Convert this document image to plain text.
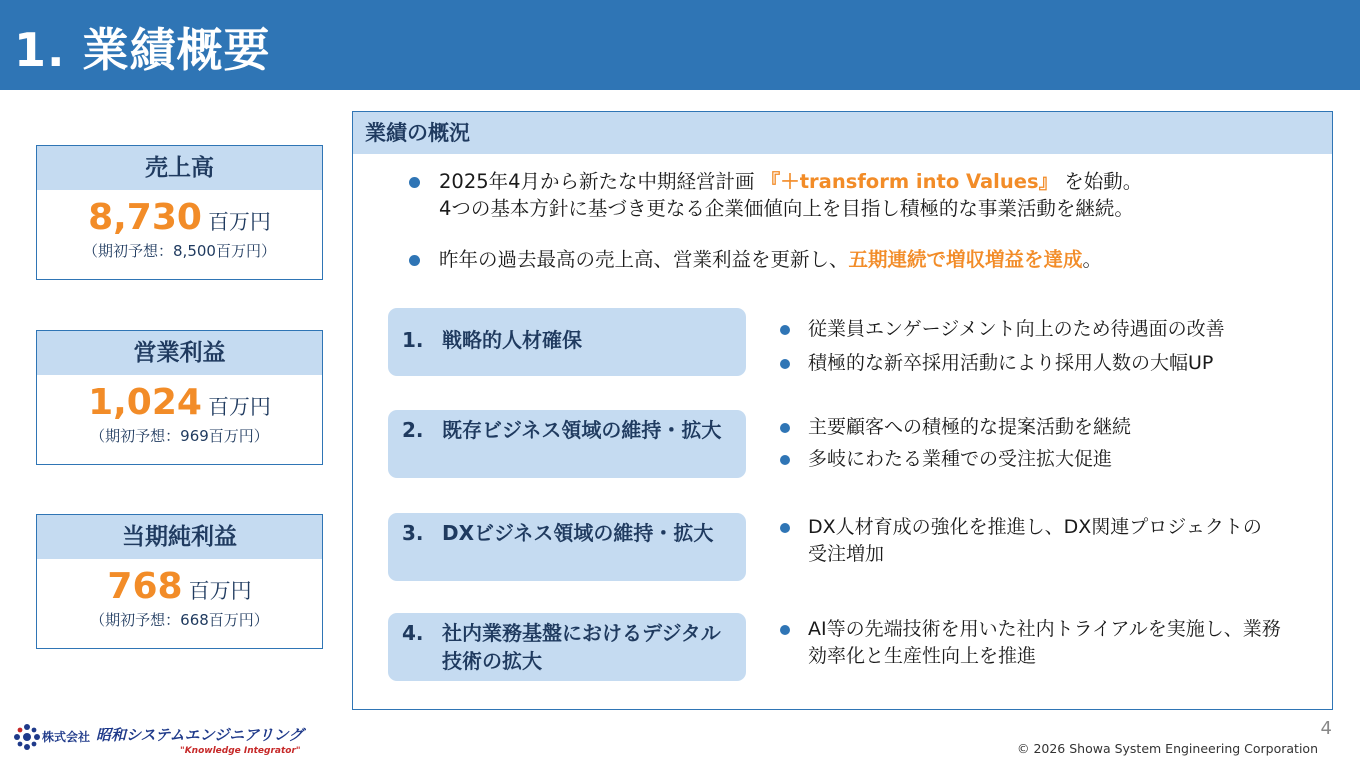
1. 業績概要
売上高
8,730 百万円
（期初予想：8,500百万円）
営業利益
1,024 百万円
（期初予想：969百万円）
当期純利益
768 百万円
（期初予想：668百万円）
業績の概況
2025年4月から新たな中期経営計画 『＋transform into Values』 を始動。
4つの基本方針に基づき更なる企業価値向上を目指し積極的な事業活動を継続。
昨年の過去最高の売上高、営業利益を更新し、五期連続で増収増益を達成。
1. 戦略的人材確保
2. 既存ビジネス領域の維持・拡大
3. DXビジネス領域の維持・拡大
4. 社内業務基盤におけるデジタル技術の拡大
従業員エンゲージメント向上のため待遇面の改善
積極的な新卒採用活動により採用人数の大幅UP
主要顧客への積極的な提案活動を継続
多岐にわたる業種での受注拡大促進
DX人材育成の強化を推進し、DX関連プロジェクトの受注増加
AI等の先端技術を用いた社内トライアルを実施し、業務効率化と生産性向上を推進
株式会社 昭和システムエンジニアリング
"Knowledge Integrator"
4
© 2026 Showa System Engineering Corporation
